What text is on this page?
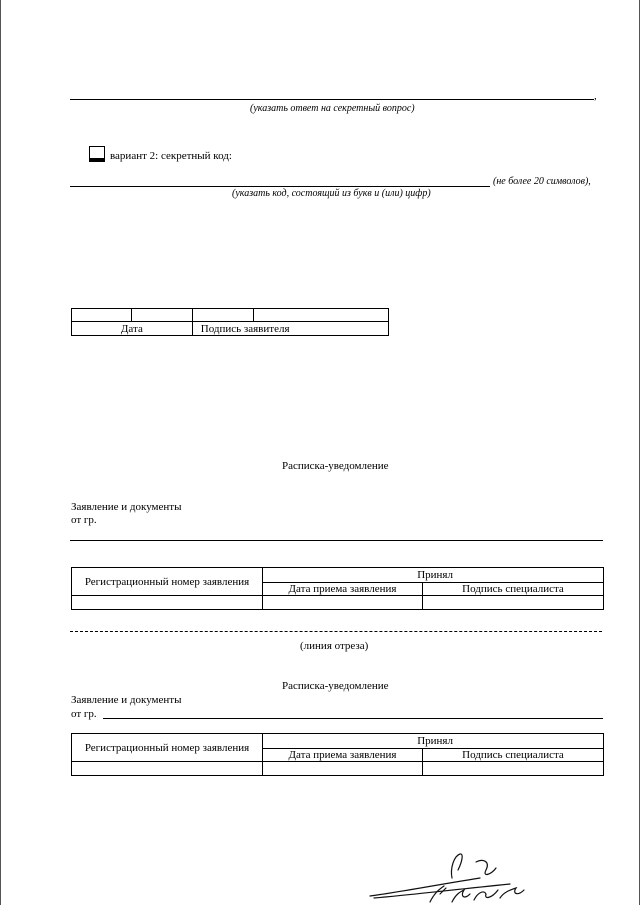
,
(указать ответ на секретный вопрос)
вариант 2: секретный код:
(не более 20 символов),
(указать код, состоящий из букв и (или) цифр)

Дата		Подпись заявителя	
Расписка-уведомление
Заявление и документы
от гр.
Регистрационный номер заявления	Принял	
	Дата приема заявления	Подпись специалиста

(линия отреза)
Расписка-уведомление
Заявление и документы
от гр.
Регистрационный номер заявления	Принял	
	Дата приема заявления	Подпись специалиста
